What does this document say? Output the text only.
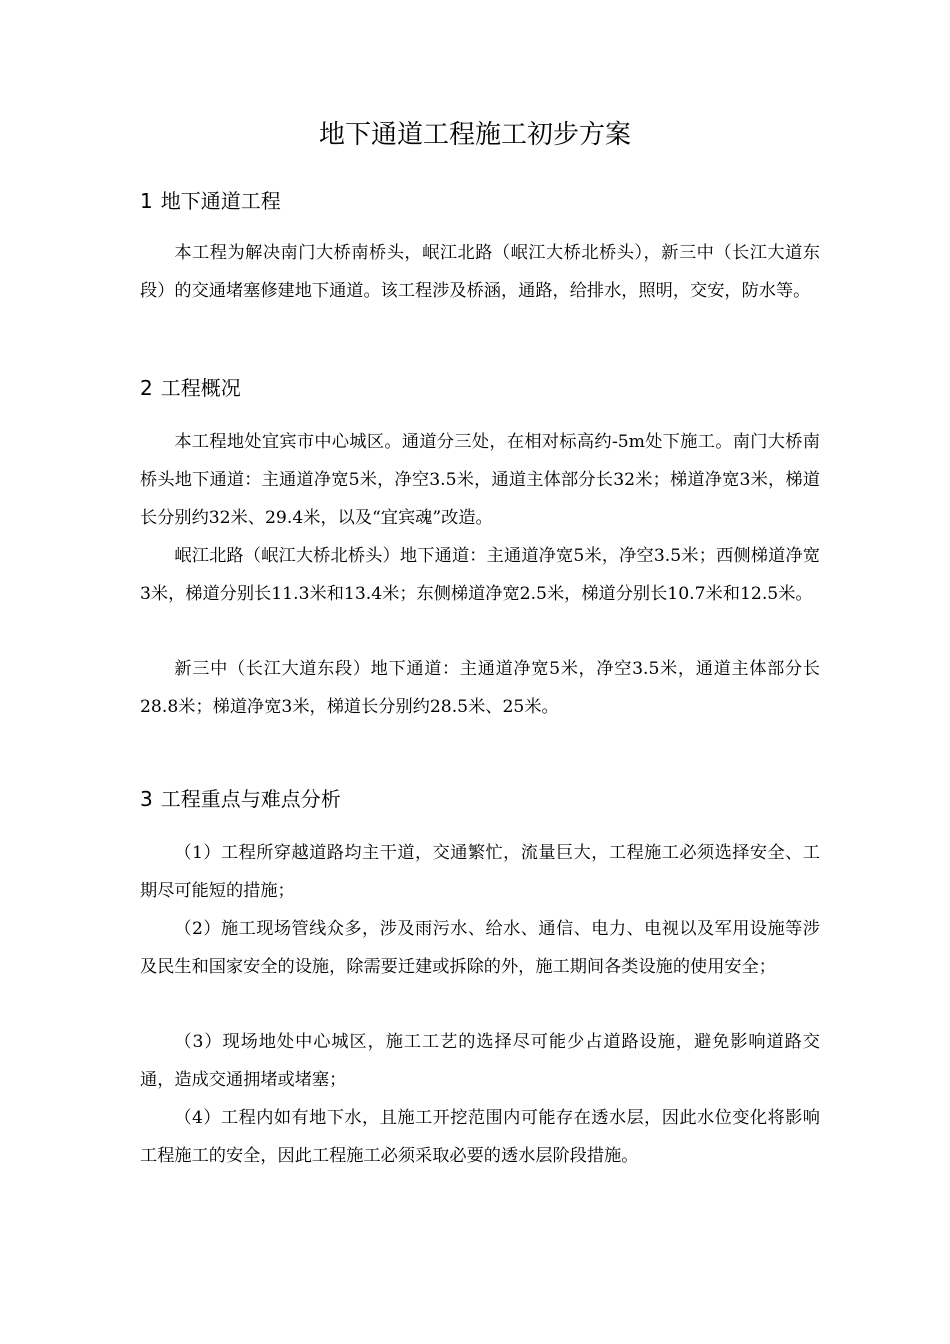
地下通道工程施工初步方案
1 地下通道工程

本工程为解决南门大桥南桥头，岷江北路（岷江大桥北桥头），新三中（长江大道东段）的交通堵塞修建地下通道。该工程涉及桥涵，通路，给排水，照明，交安，防水等。

2 工程概况

本工程地处宜宾市中心城区。通道分三处，在相对标高约-5m处下施工。南门大桥南桥头地下通道：主通道净宽5米，净空3.5米，通道主体部分长32米；梯道净宽3米，梯道长分别约32米、29.4米，以及“宜宾魂”改造。

岷江北路（岷江大桥北桥头）地下通道：主通道净宽5米，净空3.5米；西侧梯道净宽3米，梯道分别长11.3米和13.4米；东侧梯道净宽2.5米，梯道分别长10.7米和12.5米。

新三中（长江大道东段）地下通道：主通道净宽5米，净空3.5米，通道主体部分长28.8米；梯道净宽3米，梯道长分别约28.5米、25米。

3 工程重点与难点分析

（1）工程所穿越道路均主干道，交通繁忙，流量巨大，工程施工必须选择安全、工期尽可能短的措施；

（2）施工现场管线众多，涉及雨污水、给水、通信、电力、电视以及军用设施等涉及民生和国家安全的设施，除需要迁建或拆除的外，施工期间各类设施的使用安全；

（3）现场地处中心城区，施工工艺的选择尽可能少占道路设施，避免影响道路交通，造成交通拥堵或堵塞；

（4）工程内如有地下水，且施工开挖范围内可能存在透水层，因此水位变化将影响工程施工的安全，因此工程施工必须采取必要的透水层阶段措施。
